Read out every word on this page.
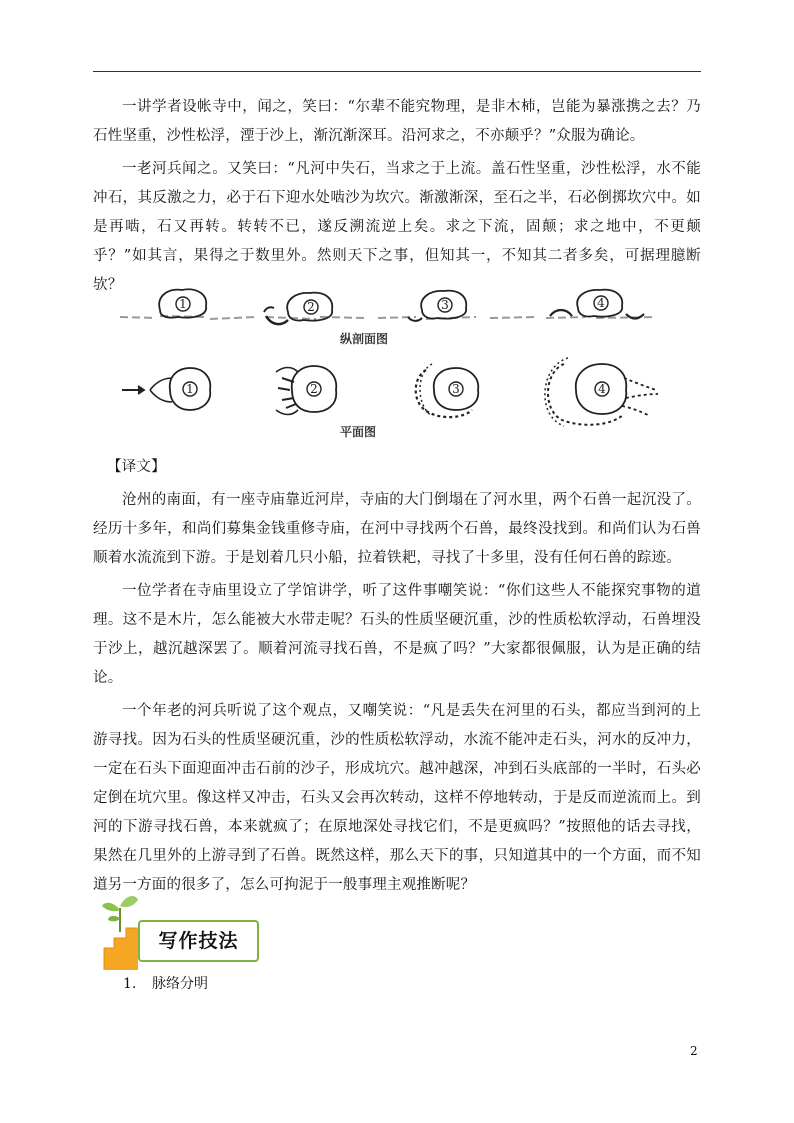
一讲学者设帐寺中，闻之，笑曰：“尔辈不能究物理，是非木杮，岂能为暴涨携之去？乃石性坚重，沙性松浮，湮于沙上，渐沉渐深耳。沿河求之，不亦颠乎？”众服为确论。

一老河兵闻之。又笑曰：“凡河中失石，当求之于上流。盖石性坚重，沙性松浮，水不能冲石，其反激之力，必于石下迎水处啮沙为坎穴。渐激渐深，至石之半，石必倒掷坎穴中。如是再啮，石又再转。转转不已，遂反溯流逆上矣。求之下流，固颠；求之地中，不更颠乎？”如其言，果得之于数里外。然则天下之事，但知其一，不知其二者多矣，可据理臆断欤？

1	2	3	4
纵剖面图
1	2	3	4
平面图

【译文】

沧州的南面，有一座寺庙靠近河岸，寺庙的大门倒塌在了河水里，两个石兽一起沉没了。经历十多年，和尚们募集金钱重修寺庙，在河中寻找两个石兽，最终没找到。和尚们认为石兽顺着水流流到下游。于是划着几只小船，拉着铁耙，寻找了十多里，没有任何石兽的踪迹。

一位学者在寺庙里设立了学馆讲学，听了这件事嘲笑说：“你们这些人不能探究事物的道理。这不是木片，怎么能被大水带走呢？石头的性质坚硬沉重，沙的性质松软浮动，石兽埋没于沙上，越沉越深罢了。顺着河流寻找石兽，不是疯了吗？”大家都很佩服，认为是正确的结论。

一个年老的河兵听说了这个观点，又嘲笑说：“凡是丢失在河里的石头，都应当到河的上游寻找。因为石头的性质坚硬沉重，沙的性质松软浮动，水流不能冲走石头，河水的反冲力，一定在石头下面迎面冲击石前的沙子，形成坑穴。越冲越深，冲到石头底部的一半时，石头必定倒在坑穴里。像这样又冲击，石头又会再次转动，这样不停地转动，于是反而逆流而上。到河的下游寻找石兽，本来就疯了；在原地深处寻找它们，不是更疯吗？”按照他的话去寻找，果然在几里外的上游寻到了石兽。既然这样，那么天下的事，只知道其中的一个方面，而不知道另一方面的很多了，怎么可拘泥于一般事理主观推断呢？

写作技法
1. 脉络分明
2
